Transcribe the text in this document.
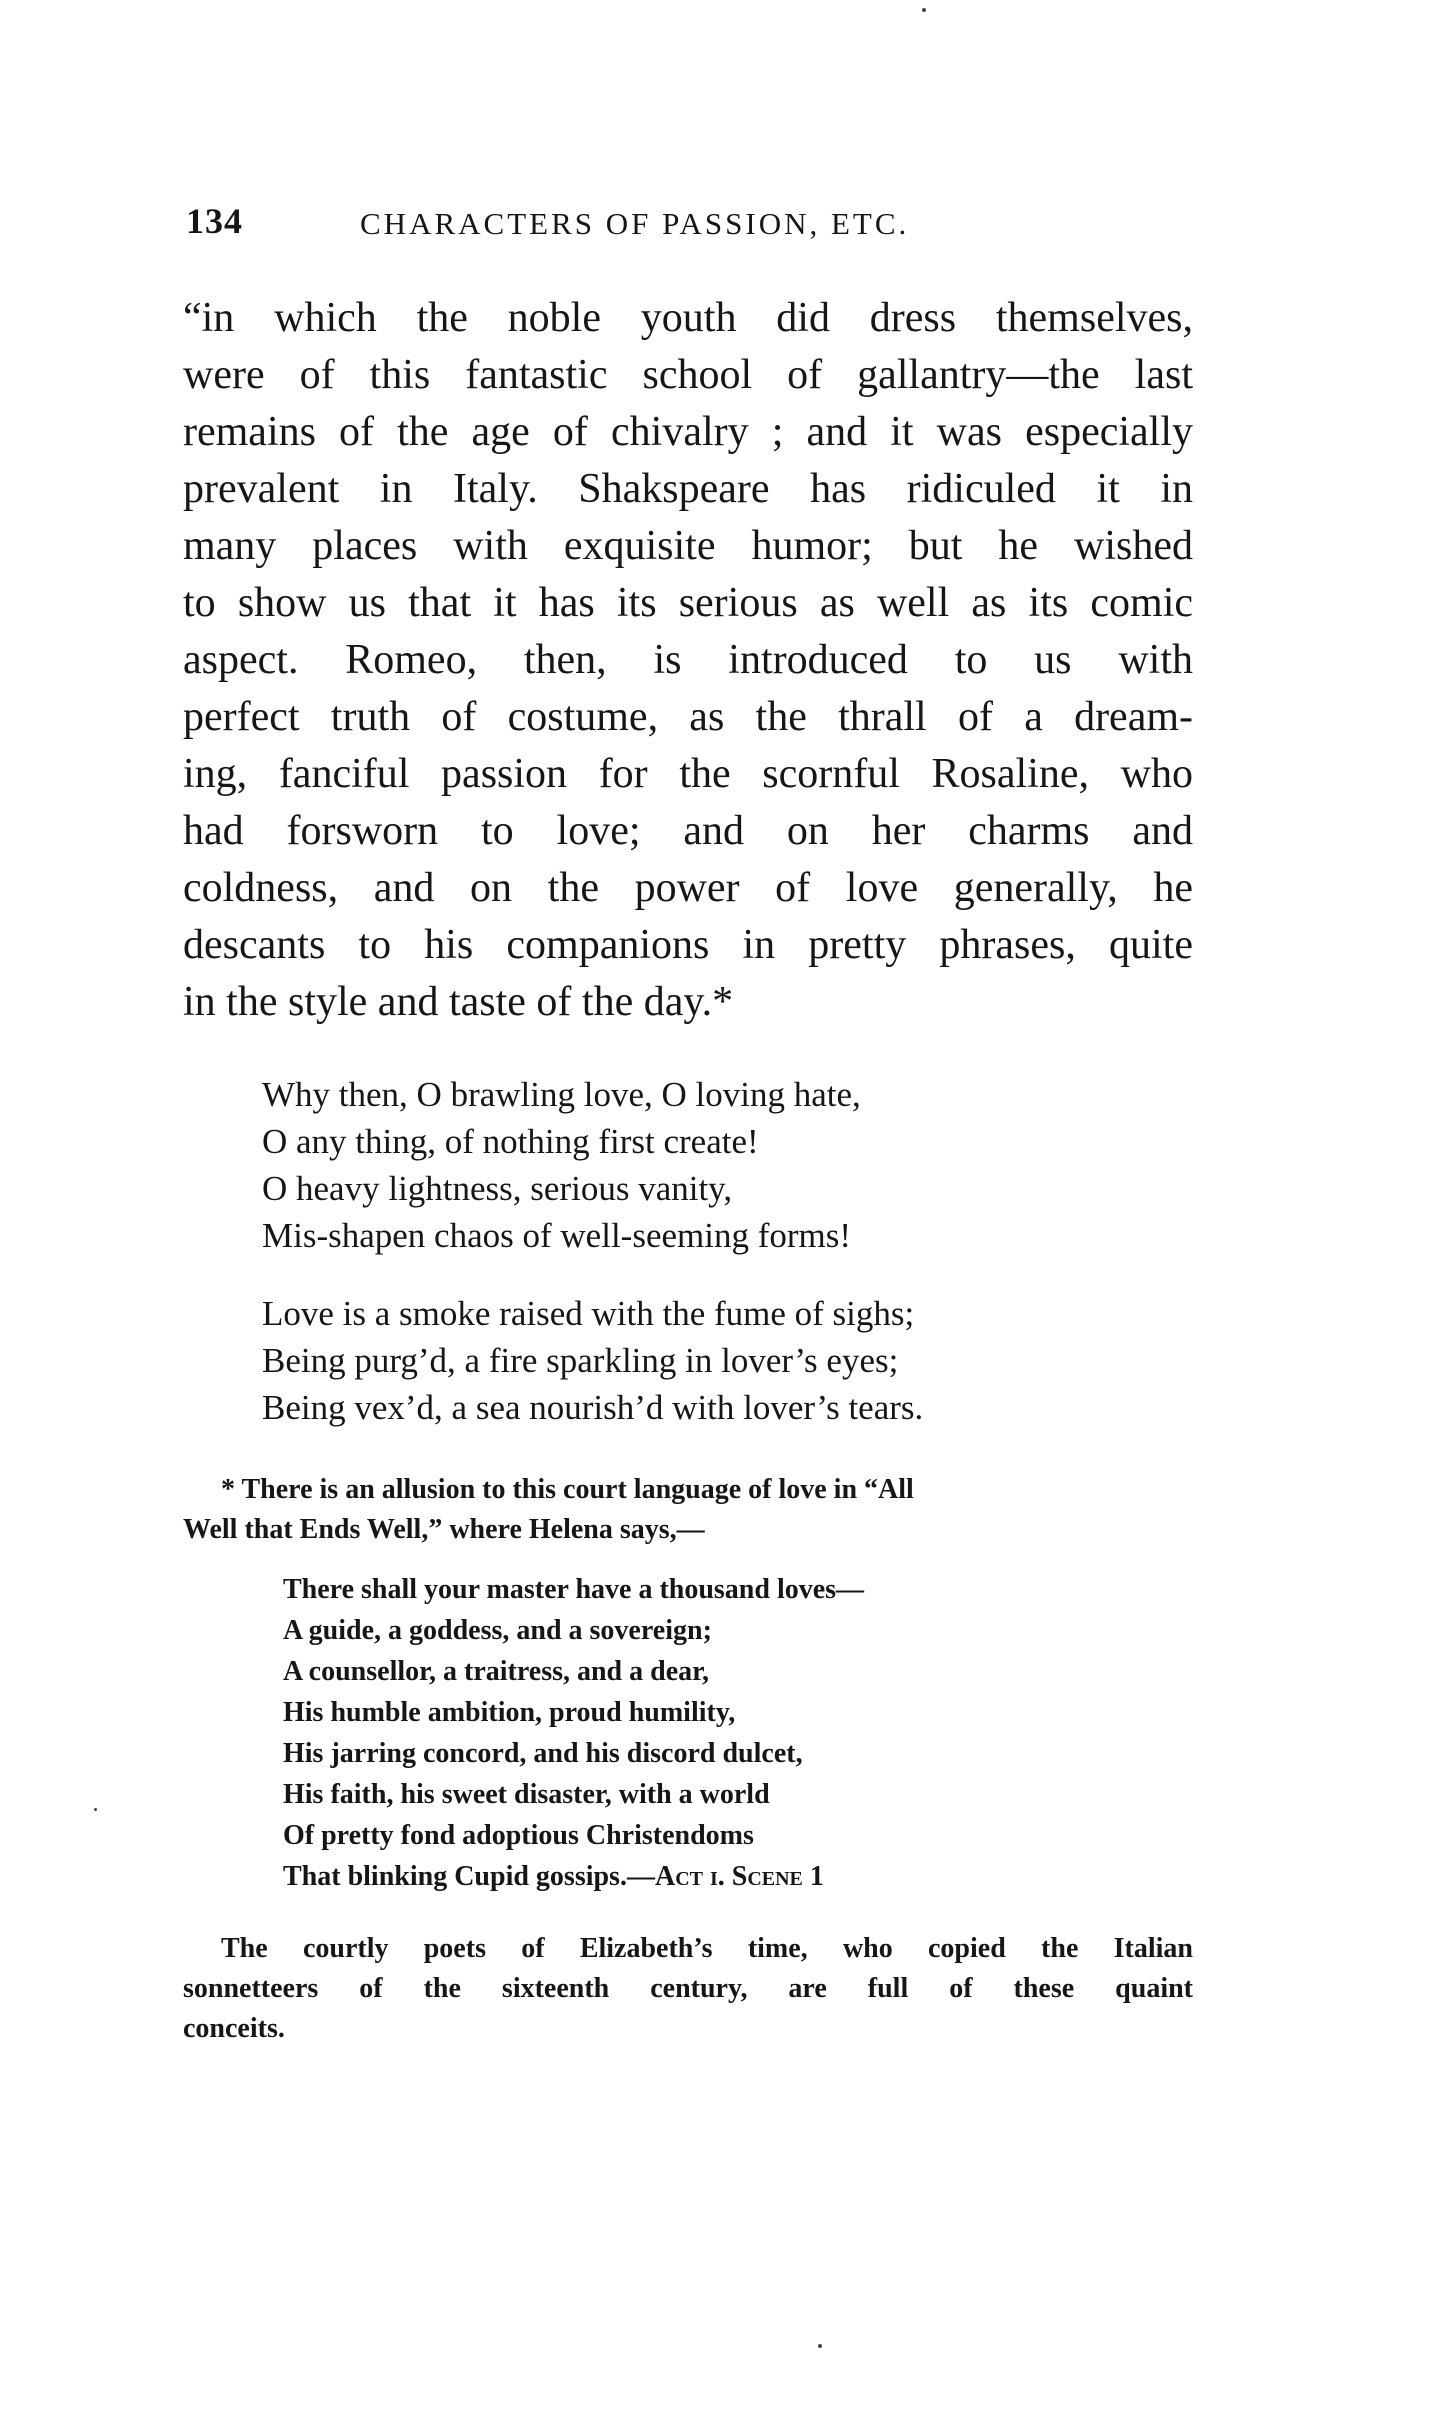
134	CHARACTERS OF PASSION, ETC.
“in which the noble youth did dress themselves,
were of this fantastic school of gallantry—the last
remains of the age of chivalry ; and it was especially
prevalent in Italy. Shakspeare has ridiculed it in
many places with exquisite humor; but he wished
to show us that it has its serious as well as its comic
aspect. Romeo, then, is introduced to us with
perfect truth of costume, as the thrall of a dream-
ing, fanciful passion for the scornful Rosaline, who
had forsworn to love; and on her charms and
coldness, and on the power of love generally, he
descants to his companions in pretty phrases, quite
in the style and taste of the day.*
Why then, O brawling love, O loving hate,
O any thing, of nothing first create!
O heavy lightness, serious vanity,
Mis-shapen chaos of well-seeming forms!
Love is a smoke raised with the fume of sighs;
Being purg’d, a fire sparkling in lover’s eyes;
Being vex’d, a sea nourish’d with lover’s tears.
* There is an allusion to this court language of love in “All
Well that Ends Well,” where Helena says,—
There shall your master have a thousand loves—
A guide, a goddess, and a sovereign;
A counsellor, a traitress, and a dear,
His humble ambition, proud humility,
His jarring concord, and his discord dulcet,
His faith, his sweet disaster, with a world
Of pretty fond adoptious Christendoms
That blinking Cupid gossips.—Act i. Scene 1
The courtly poets of Elizabeth’s time, who copied the Italian
sonnetteers of the sixteenth century, are full of these quaint
conceits.
